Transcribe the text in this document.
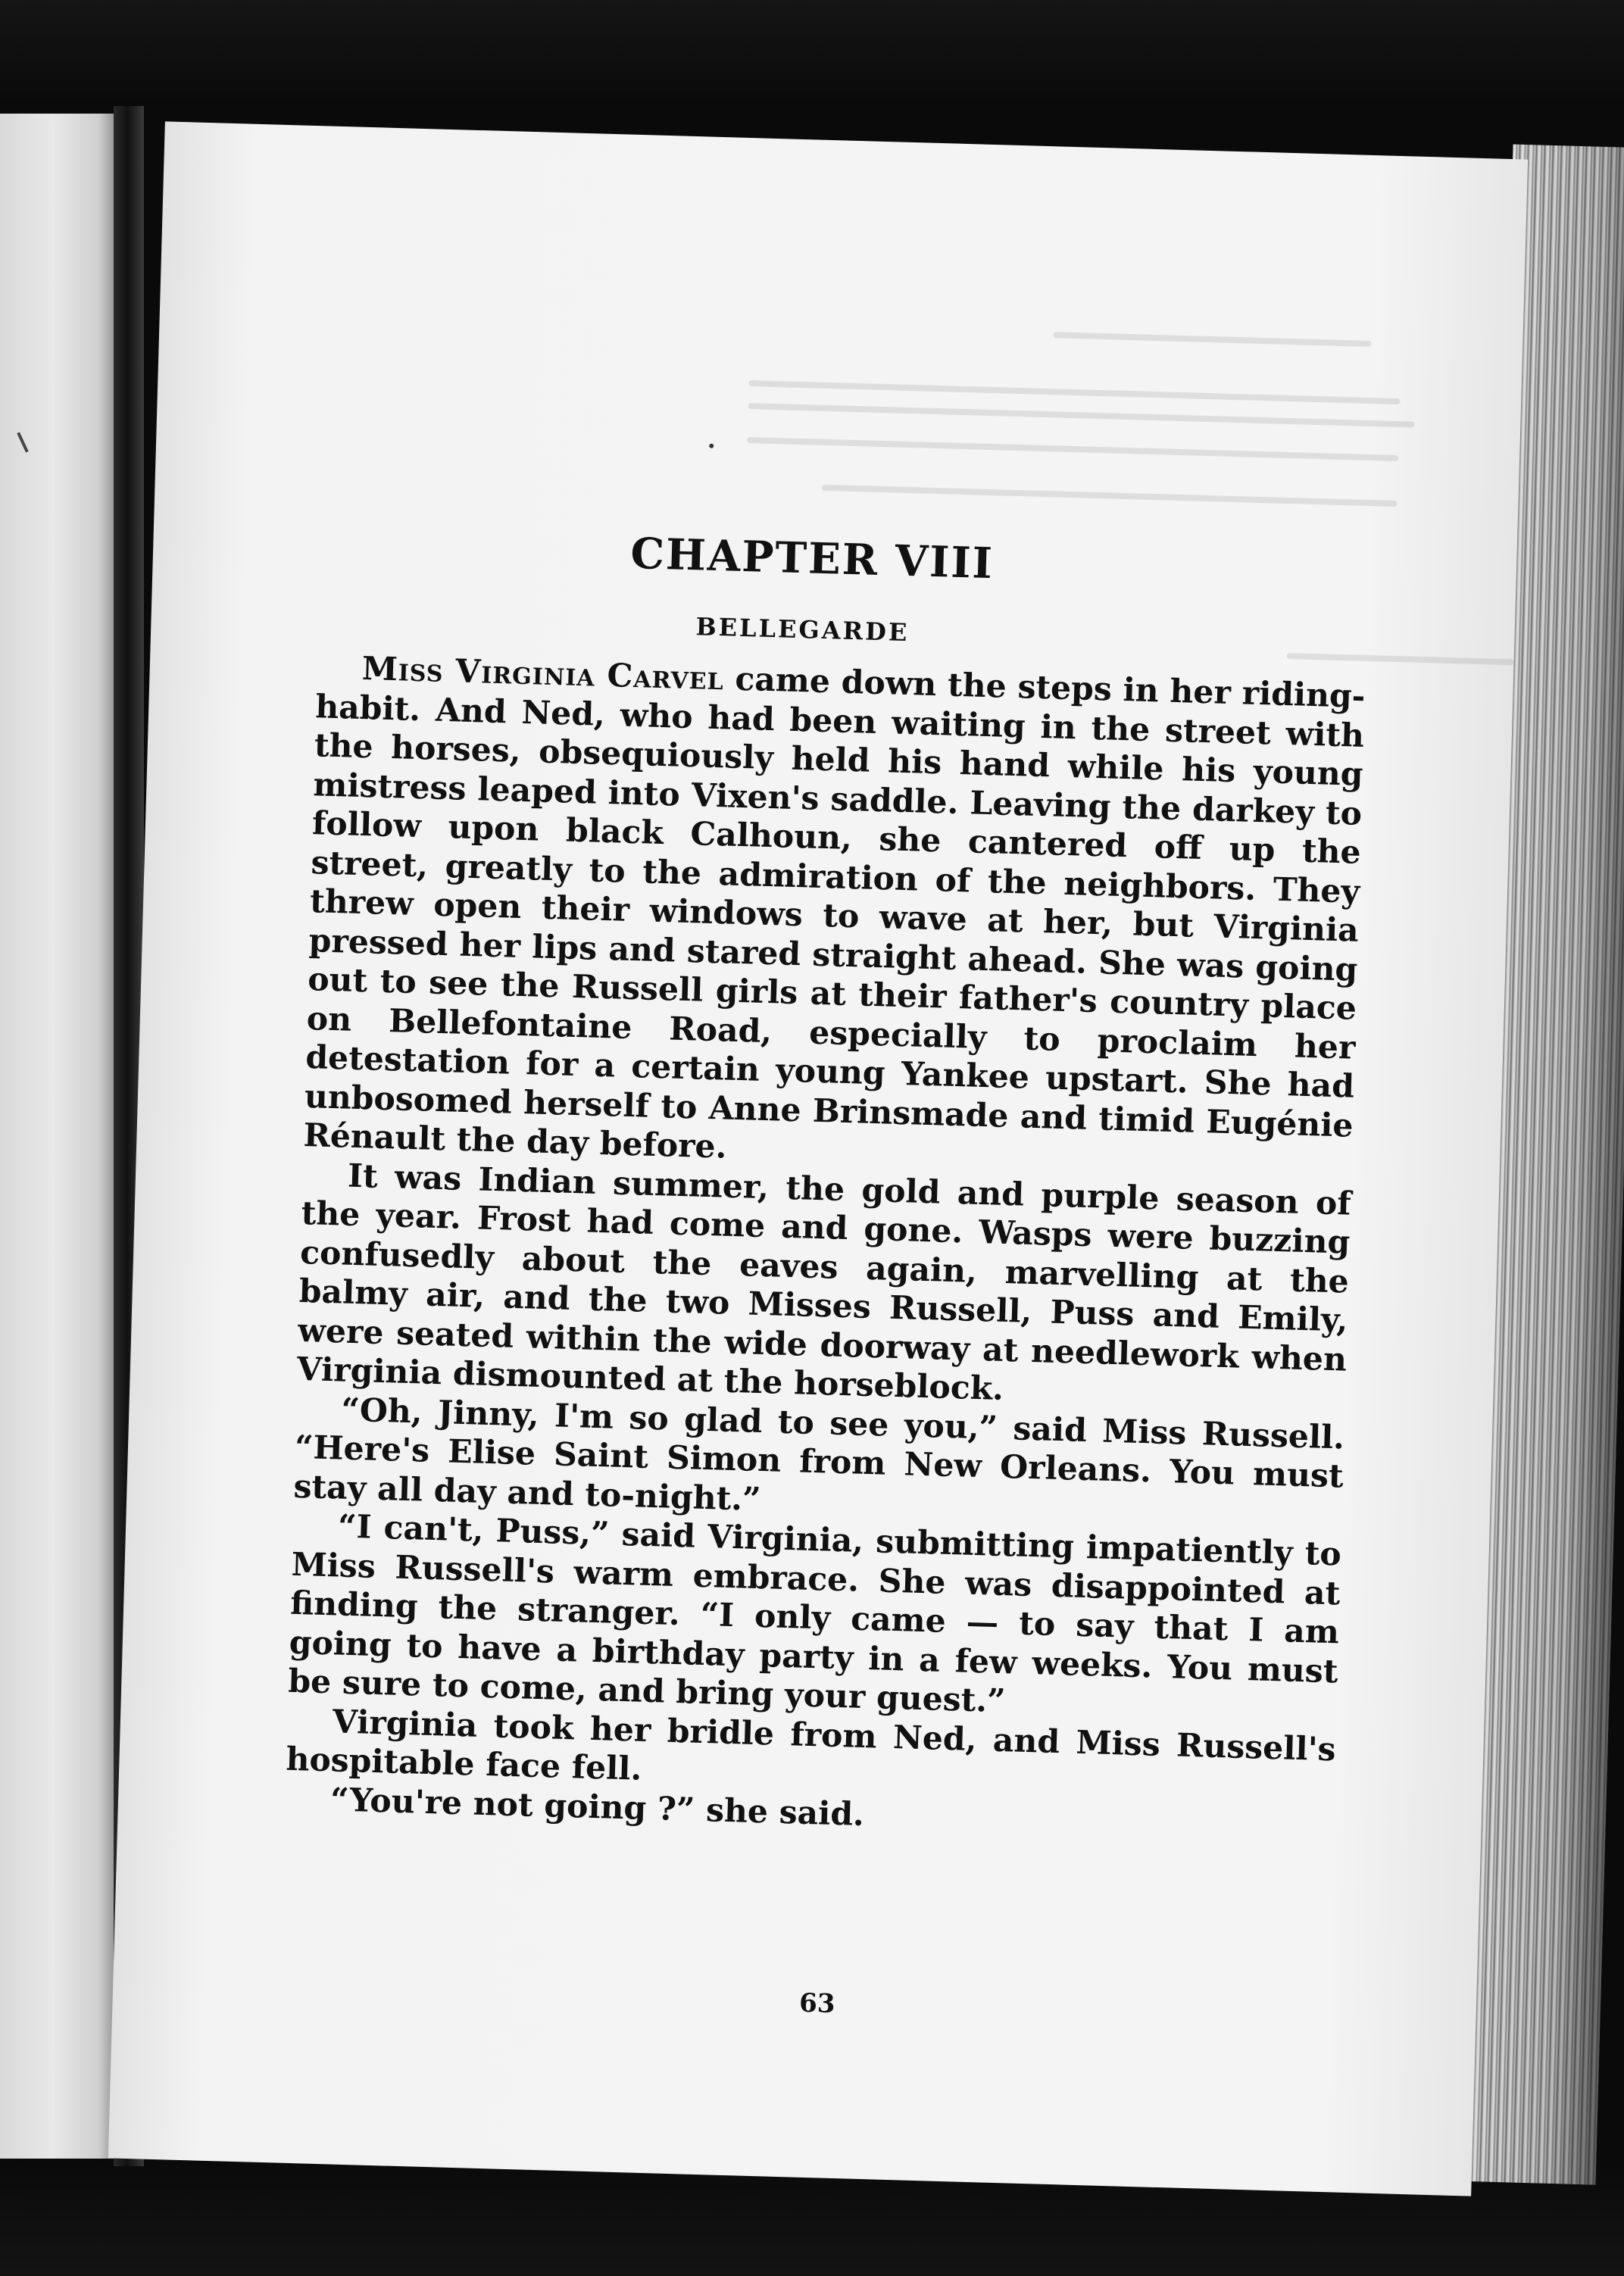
CHAPTER VIII
BELLEGARDE

Miss Virginia Carvel came down the steps in her riding-habit. And Ned, who had been waiting in the street with the horses, obsequiously held his hand while his young mistress leaped into Vixen's saddle. Leaving the darkey to follow upon black Calhoun, she cantered off up the street, greatly to the admiration of the neighbors. They threw open their windows to wave at her, but Virginia pressed her lips and stared straight ahead. She was going out to see the Russell girls at their father's country place on Bellefontaine Road, especially to proclaim her detestation for a certain young Yankee upstart. She had unbosomed herself to Anne Brinsmade and timid Eugénie Rénault the day before.

It was Indian summer, the gold and purple season of the year. Frost had come and gone. Wasps were buzzing confusedly about the eaves again, marvelling at the balmy air, and the two Misses Russell, Puss and Emily, were seated within the wide doorway at needlework when Virginia dismounted at the horseblock.

“Oh, Jinny, I'm so glad to see you,” said Miss Russell. “Here's Elise Saint Simon from New Orleans. You must stay all day and to-night.”

“I can't, Puss,” said Virginia, submitting impatiently to Miss Russell's warm embrace. She was disappointed at finding the stranger. “I only came — to say that I am going to have a birthday party in a few weeks. You must be sure to come, and bring your guest.”

Virginia took her bridle from Ned, and Miss Russell's hospitable face fell.

“You're not going ?” she said.

63
